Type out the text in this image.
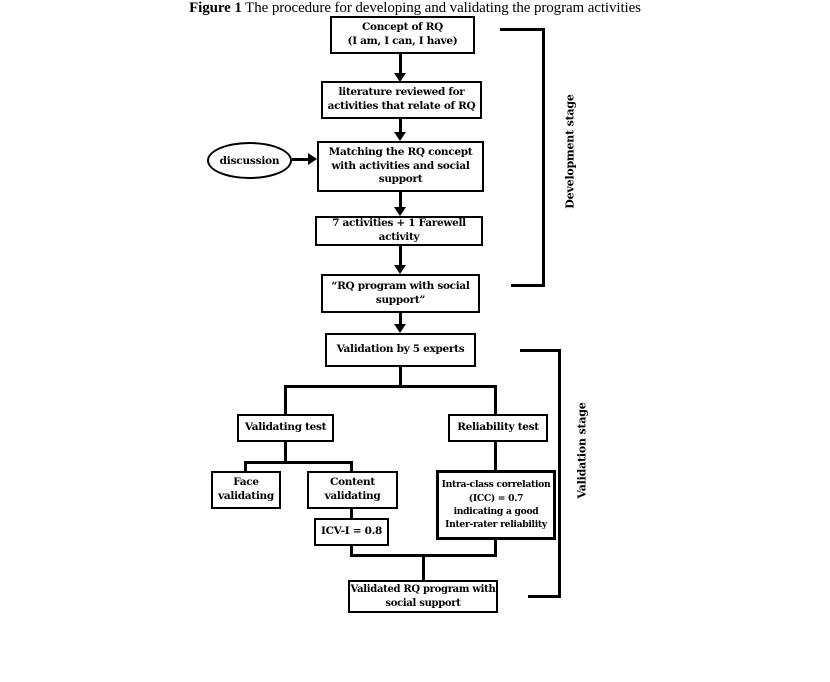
Concept of RQ
(I am, I can, I have)
literature reviewed for
activities that relate of RQ
discussion
Matching the RQ concept
with activities and social
support
7 activities + 1 Farewell
activity
“RQ program with social
support”
Validation by 5 experts
Validating test	Reliability test
Face
validating
Content
validating
ICV-I = 0.8
Intra-class correlation
(ICC) = 0.7
indicating a good
Inter-rater reliability
Validated RQ program with
social support
Development stage
Validation stage
Figure 1 The procedure for developing and validating the program activities
